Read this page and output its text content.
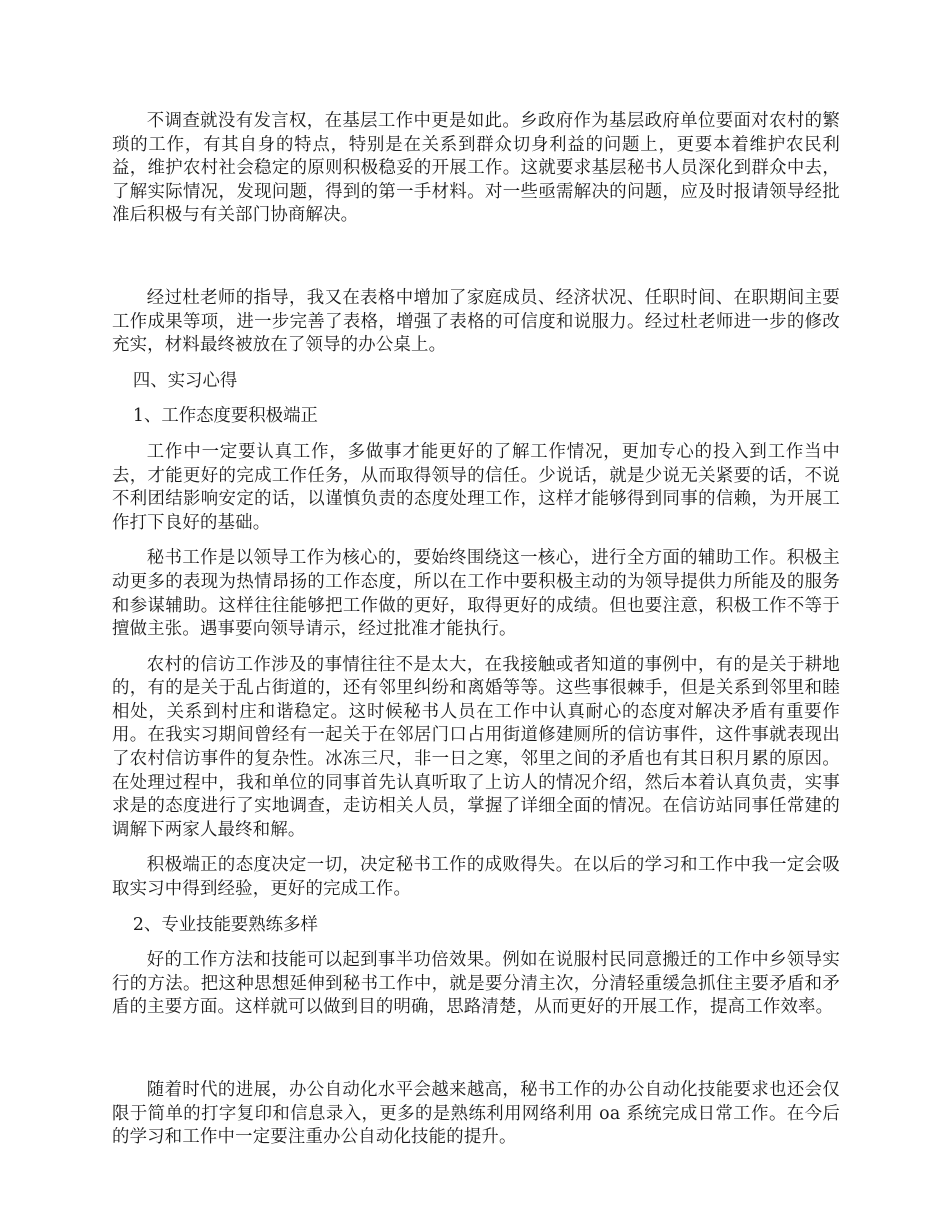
不调查就没有发言权，在基层工作中更是如此。乡政府作为基层政府单位要面对农村的繁琐的工作，有其自身的特点，特别是在关系到群众切身利益的问题上，更要本着维护农民利益，维护农村社会稳定的原则积极稳妥的开展工作。这就要求基层秘书人员深化到群众中去，了解实际情况，发现问题，得到的第一手材料。对一些亟需解决的问题，应及时报请领导经批准后积极与有关部门协商解决。

经过杜老师的指导，我又在表格中增加了家庭成员、经济状况、任职时间、在职期间主要工作成果等项，进一步完善了表格，增强了表格的可信度和说服力。经过杜老师进一步的修改充实，材料最终被放在了领导的办公桌上。

四、实习心得

1、工作态度要积极端正

工作中一定要认真工作，多做事才能更好的了解工作情况，更加专心的投入到工作当中去，才能更好的完成工作任务，从而取得领导的信任。少说话，就是少说无关紧要的话，不说不利团结影响安定的话，以谨慎负责的态度处理工作，这样才能够得到同事的信赖，为开展工作打下良好的基础。

秘书工作是以领导工作为核心的，要始终围绕这一核心，进行全方面的辅助工作。积极主动更多的表现为热情昂扬的工作态度，所以在工作中要积极主动的为领导提供力所能及的服务和参谋辅助。这样往往能够把工作做的更好，取得更好的成绩。但也要注意，积极工作不等于擅做主张。遇事要向领导请示，经过批准才能执行。

农村的信访工作涉及的事情往往不是太大，在我接触或者知道的事例中，有的是关于耕地的，有的是关于乱占街道的，还有邻里纠纷和离婚等等。这些事很棘手，但是关系到邻里和睦相处，关系到村庄和谐稳定。这时候秘书人员在工作中认真耐心的态度对解决矛盾有重要作用。在我实习期间曾经有一起关于在邻居门口占用街道修建厕所的信访事件，这件事就表现出了农村信访事件的复杂性。冰冻三尺，非一日之寒，邻里之间的矛盾也有其日积月累的原因。在处理过程中，我和单位的同事首先认真听取了上访人的情况介绍，然后本着认真负责，实事求是的态度进行了实地调查，走访相关人员，掌握了详细全面的情况。在信访站同事任常建的调解下两家人最终和解。

积极端正的态度决定一切，决定秘书工作的成败得失。在以后的学习和工作中我一定会吸取实习中得到经验，更好的完成工作。

2、专业技能要熟练多样

好的工作方法和技能可以起到事半功倍效果。例如在说服村民同意搬迁的工作中乡领导实行的方法。把这种思想延伸到秘书工作中，就是要分清主次，分清轻重缓急抓住主要矛盾和矛盾的主要方面。这样就可以做到目的明确，思路清楚，从而更好的开展工作，提高工作效率。

随着时代的进展，办公自动化水平会越来越高，秘书工作的办公自动化技能要求也还会仅限于简单的打字复印和信息录入，更多的是熟练利用网络利用 oa 系统完成日常工作。在今后的学习和工作中一定要注重办公自动化技能的提升。
